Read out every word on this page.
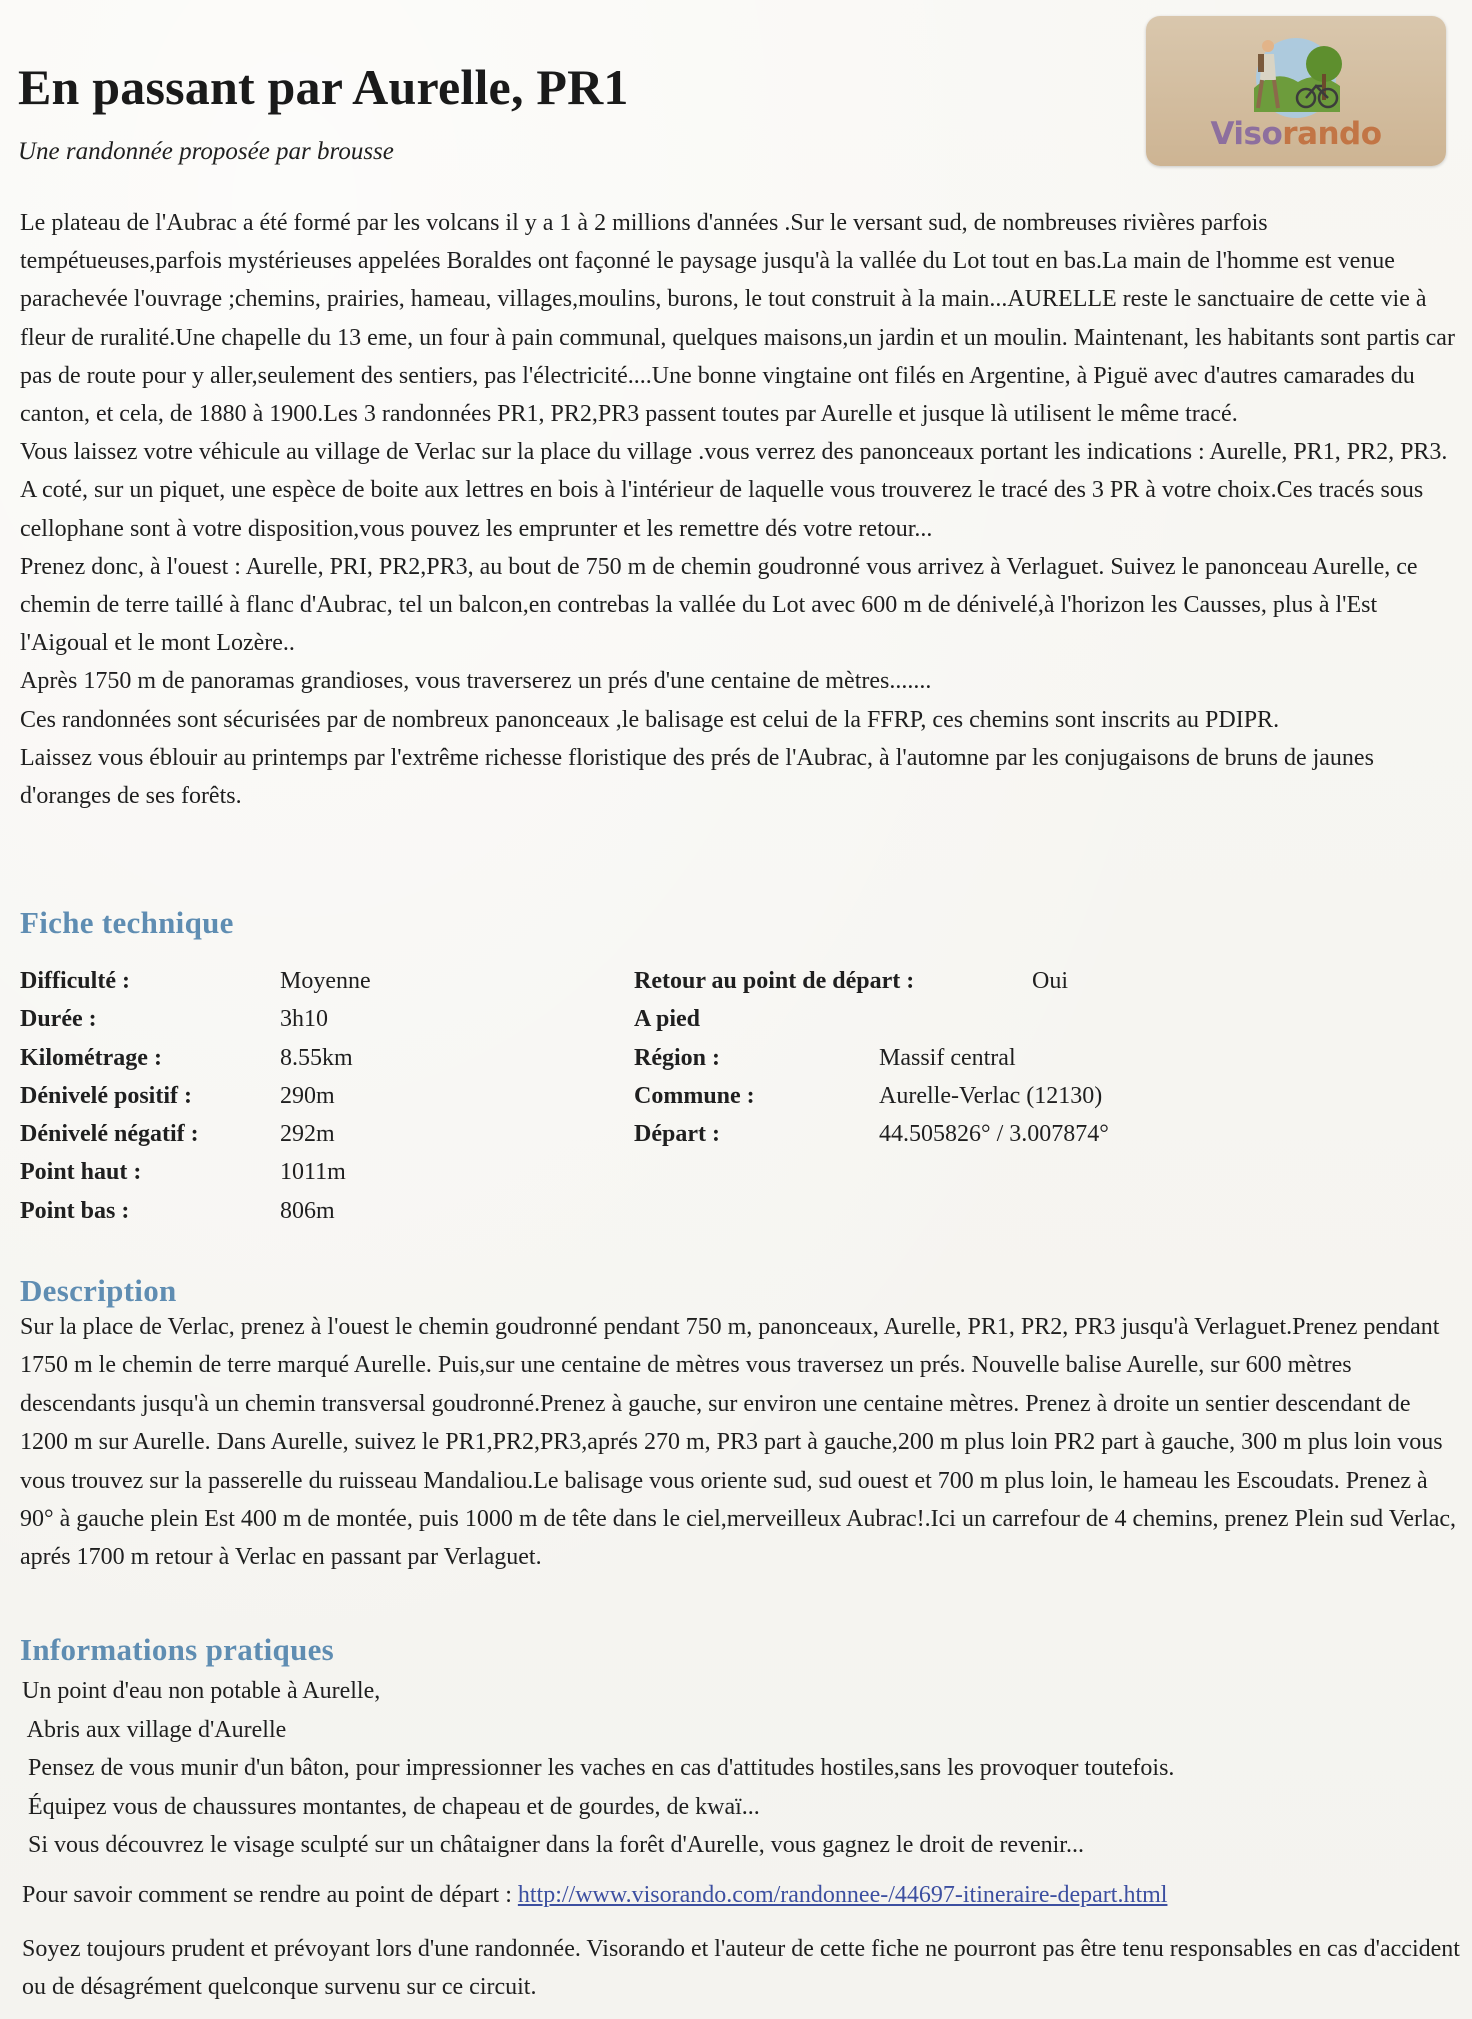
En passant par Aurelle, PR1

Une randonnée proposée par brousse	Visorando

Le plateau de l'Aubrac a été formé par les volcans il y a 1 à 2 millions d'années .Sur le versant sud, de nombreuses rivières parfois tempétueuses,parfois mystérieuses appelées Boraldes ont façonné le paysage jusqu'à la vallée du Lot tout en bas.La main de l'homme est venue parachevée l'ouvrage ;chemins, prairies, hameau, villages,moulins, burons, le tout construit à la main...AURELLE reste le sanctuaire de cette vie à fleur de ruralité.Une chapelle du 13 eme, un four à pain communal, quelques maisons,un jardin et un moulin. Maintenant, les habitants sont partis car pas de route pour y aller,seulement des sentiers, pas l'électricité....Une bonne vingtaine ont filés en Argentine, à Piguë avec d'autres camarades du canton, et cela, de 1880 à 1900.Les 3 randonnées PR1, PR2,PR3 passent toutes par Aurelle et jusque là utilisent le même tracé.

Vous laissez votre véhicule au village de Verlac sur la place du village .vous verrez des panonceaux portant les indications : Aurelle, PR1, PR2, PR3. A coté, sur un piquet, une espèce de boite aux lettres en bois à l'intérieur de laquelle vous trouverez le tracé des 3 PR à votre choix.Ces tracés sous cellophane sont à votre disposition,vous pouvez les emprunter et les remettre dés votre retour...

Prenez donc, à l'ouest : Aurelle, PRI, PR2,PR3, au bout de 750 m de chemin goudronné vous arrivez à Verlaguet. Suivez le panonceau Aurelle, ce chemin de terre taillé à flanc d'Aubrac, tel un balcon,en contrebas la vallée du Lot avec 600 m de dénivelé,à l'horizon les Causses, plus à l'Est l'Aigoual et le mont Lozère..

Après 1750 m de panoramas grandioses, vous traverserez un prés d'une centaine de mètres.......

Ces randonnées sont sécurisées par de nombreux panonceaux ,le balisage est celui de la FFRP, ces chemins sont inscrits au PDIPR.

Laissez vous éblouir au printemps par l'extrême richesse floristique des prés de l'Aubrac, à l'automne par les conjugaisons de bruns de jaunes d'oranges de ses forêts.

Fiche technique
Difficulté :	Moyenne
Durée :	3h10
Kilométrage :	8.55km
Dénivelé positif :	290m
Dénivelé négatif :	292m
Point haut :	1011m
Point bas :	806m
Retour au point de départ :	Oui
A pied
Région :	Massif central
Commune :	Aurelle-Verlac (12130)
Départ :	44.505826° / 3.007874°
Description

Sur la place de Verlac, prenez à l'ouest le chemin goudronné pendant 750 m, panonceaux, Aurelle, PR1, PR2, PR3 jusqu'à Verlaguet.Prenez pendant 1750 m le chemin de terre marqué Aurelle. Puis,sur une centaine de mètres vous traversez un prés. Nouvelle balise Aurelle, sur 600 mètres descendants jusqu'à un chemin transversal goudronné.Prenez à gauche, sur environ une centaine mètres. Prenez à droite un sentier descendant de 1200 m sur Aurelle. Dans Aurelle, suivez le PR1,PR2,PR3,aprés 270 m, PR3 part à gauche,200 m plus loin PR2 part à gauche, 300 m plus loin vous vous trouvez sur la passerelle du ruisseau Mandaliou.Le balisage vous oriente sud, sud ouest et 700 m plus loin, le hameau les Escoudats. Prenez à 90° à gauche plein Est 400 m de montée, puis 1000 m de tête dans le ciel,merveilleux Aubrac!.Ici un carrefour de 4 chemins, prenez Plein sud Verlac, aprés 1700 m retour à Verlac en passant par Verlaguet.

Informations pratiques
Un point d'eau non potable à Aurelle,
Abris aux village d'Aurelle
Pensez de vous munir d'un bâton, pour impressionner les vaches en cas d'attitudes hostiles,sans les provoquer toutefois.
Équipez vous de chaussures montantes, de chapeau et de gourdes, de kwaï...
Si vous découvrez le visage sculpté sur un châtaigner dans la forêt d'Aurelle, vous gagnez le droit de revenir...

Pour savoir comment se rendre au point de départ : http://www.visorando.com/randonnee-/44697-itineraire-depart.html

Soyez toujours prudent et prévoyant lors d'une randonnée. Visorando et l'auteur de cette fiche ne pourront pas être tenu responsables en cas d'accident ou de désagrément quelconque survenu sur ce circuit.
